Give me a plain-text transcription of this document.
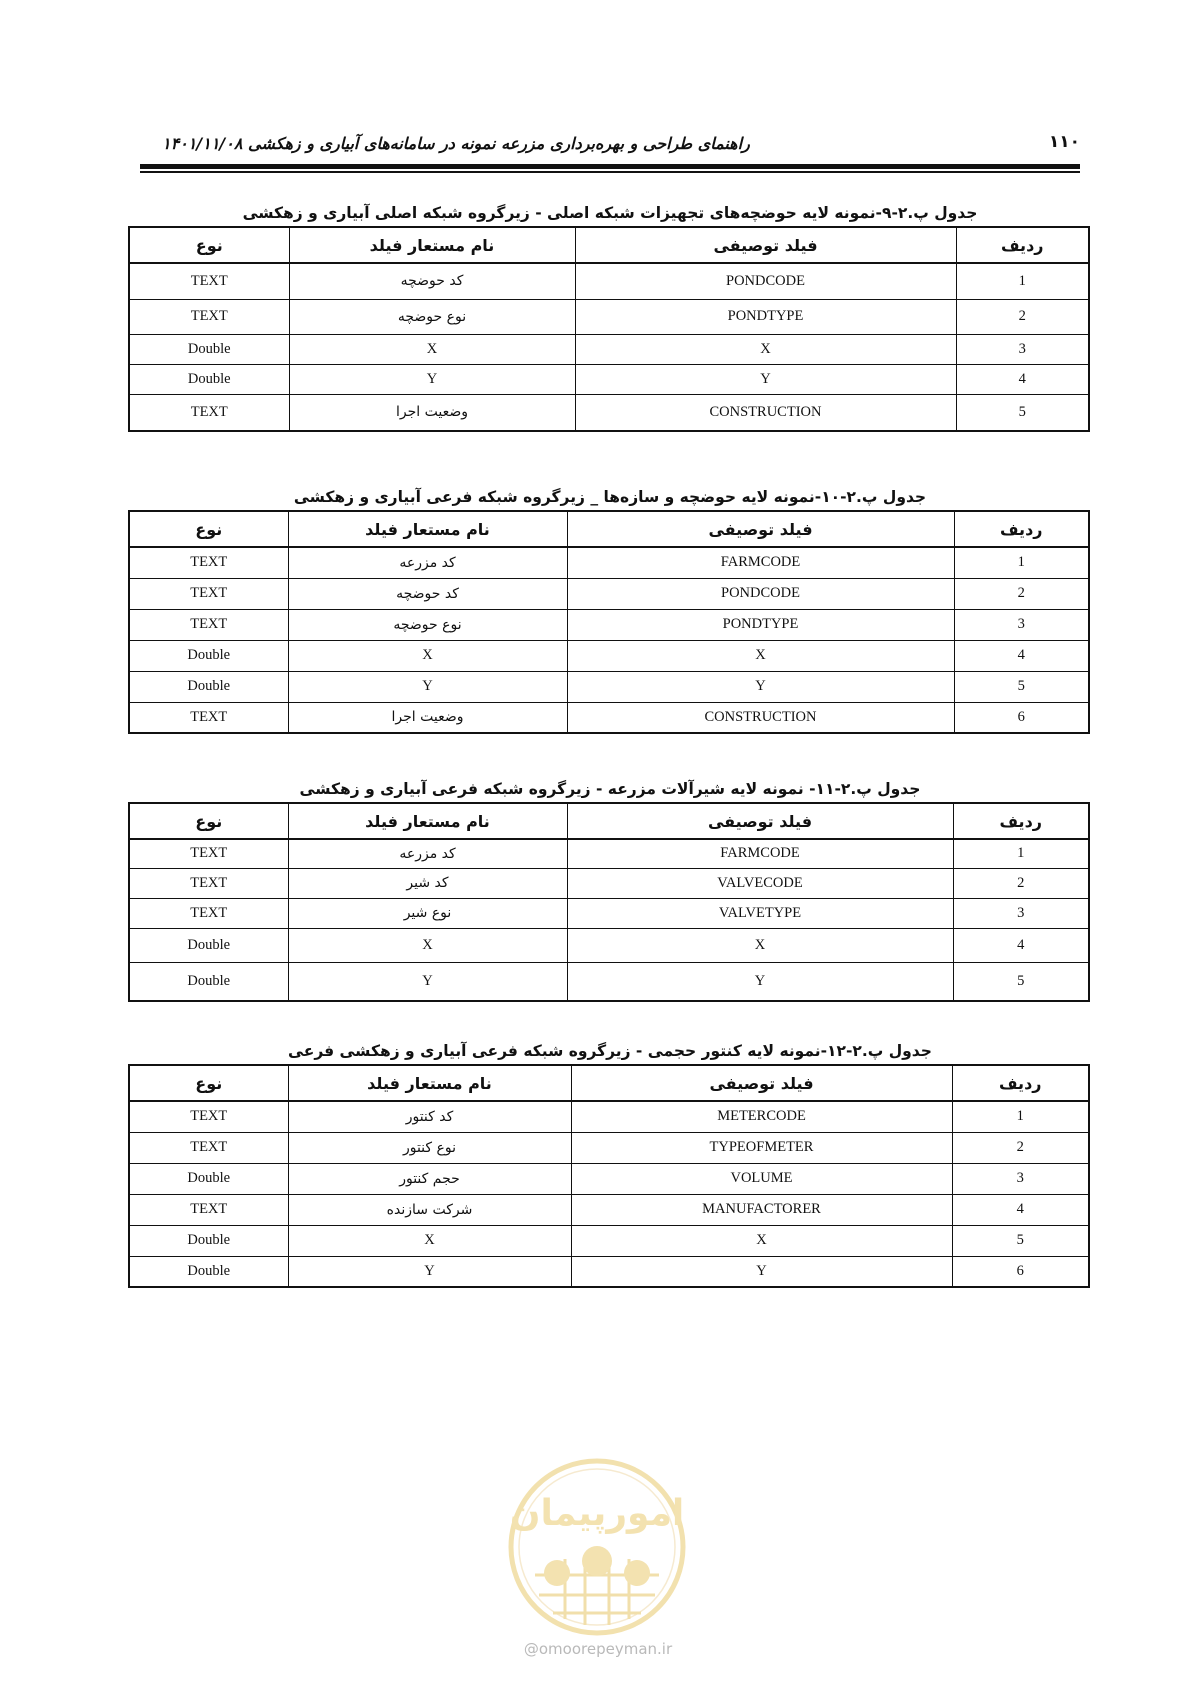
۱۱۰
راهنمای طراحی و بهره‌برداری مزرعه نمونه در سامانه‌های آبیاری و زهکشی ۱۴۰۱/۱۱/۰۸
جدول پ.۲-۹-نمونه لایه حوضچه‌های تجهیزات شبکه اصلی - زیرگروه شبکه اصلی آبیاری و زهکشی
ردیف	فیلد توصیفی	نام مستعار فیلد	نوع
1	PONDCODE	کد حوضچه	TEXT
2	PONDTYPE	نوع حوضچه	TEXT
3	X	X	Double
4	Y	Y	Double
5	CONSTRUCTION	وضعیت اجرا	TEXT
جدول پ.۲-۱۰-نمونه لایه حوضچه و سازه‌ها _ زیرگروه شبکه فرعی آبیاری و زهکشی
ردیف	فیلد توصیفی	نام مستعار فیلد	نوع
1	FARMCODE	کد مزرعه	TEXT
2	PONDCODE	کد حوضچه	TEXT
3	PONDTYPE	نوع حوضچه	TEXT
4	X	X	Double
5	Y	Y	Double
6	CONSTRUCTION	وضعیت اجرا	TEXT
جدول پ.۲-۱۱- نمونه لایه شیرآلات مزرعه - زیرگروه شبکه فرعی آبیاری و زهکشی
ردیف	فیلد توصیفی	نام مستعار فیلد	نوع
1	FARMCODE	کد مزرعه	TEXT
2	VALVECODE	کد شیر	TEXT
3	VALVETYPE	نوع شیر	TEXT
4	X	X	Double
5	Y	Y	Double
جدول پ.۲-۱۲-نمونه لایه کنتور حجمی - زیرگروه شبکه فرعی آبیاری و زهکشی فرعی
ردیف	فیلد توصیفی	نام مستعار فیلد	نوع
1	METERCODE	کد کنتور	TEXT
2	TYPEOFMETER	نوع کنتور	TEXT
3	VOLUME	حجم کنتور	Double
4	MANUFACTORER	شرکت سازنده	TEXT
5	X	X	Double
6	Y	Y	Double
امورپیمان
@omoorepeyman.ir
